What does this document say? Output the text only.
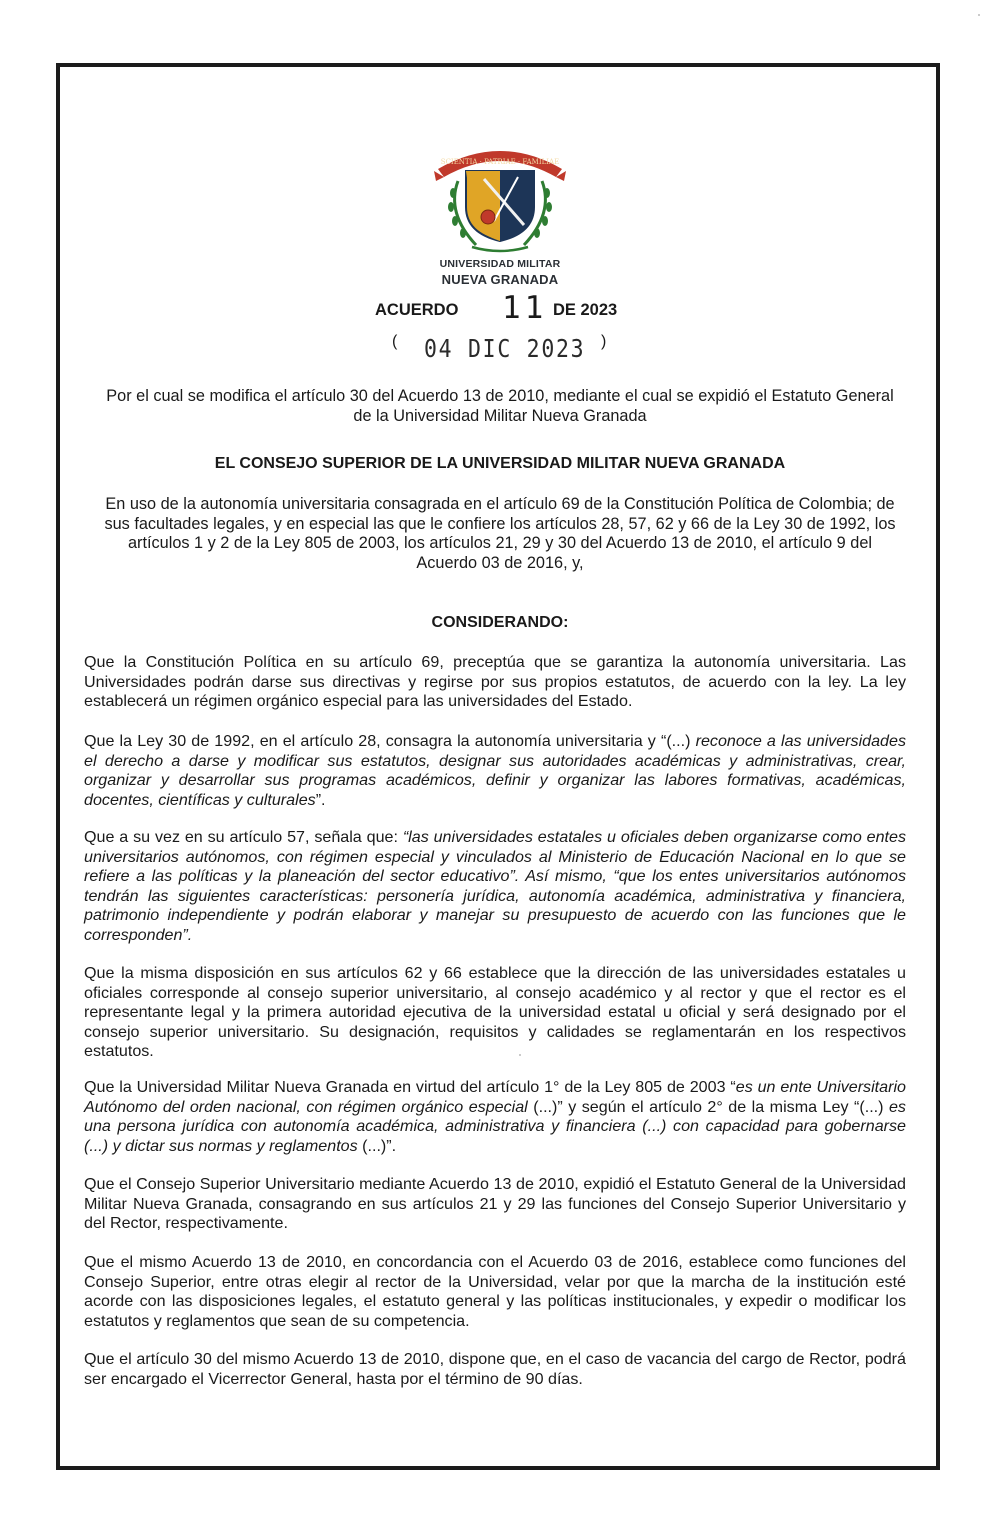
SCIENTIA · PATRIAE · FAMILIAE
UNIVERSIDAD MILITAR
NUEVA GRANADA
ACUERDO 11 DE 2023
( 04 DIC 2023 )

Por el cual se modifica el artículo 30 del Acuerdo 13 de 2010, mediante el cual se expidió el Estatuto General de la Universidad Militar Nueva Granada

EL CONSEJO SUPERIOR DE LA UNIVERSIDAD MILITAR NUEVA GRANADA

En uso de la autonomía universitaria consagrada en el artículo 69 de la Constitución Política de Colombia; de sus facultades legales, y en especial las que le confiere los artículos 28, 57, 62 y 66 de la Ley 30 de 1992, los artículos 1 y 2 de la Ley 805 de 2003, los artículos 21, 29 y 30 del Acuerdo 13 de 2010, el artículo 9 del Acuerdo 03 de 2016, y,

CONSIDERANDO:

Que la Constitución Política en su artículo 69, preceptúa que se garantiza la autonomía universitaria. Las Universidades podrán darse sus directivas y regirse por sus propios estatutos, de acuerdo con la ley. La ley establecerá un régimen orgánico especial para las universidades del Estado.

Que la Ley 30 de 1992, en el artículo 28, consagra la autonomía universitaria y “(...) reconoce a las universidades el derecho a darse y modificar sus estatutos, designar sus autoridades académicas y administrativas, crear, organizar y desarrollar sus programas académicos, definir y organizar las labores formativas, académicas, docentes, científicas y culturales”.

Que a su vez en su artículo 57, señala que: “las universidades estatales u oficiales deben organizarse como entes universitarios autónomos, con régimen especial y vinculados al Ministerio de Educación Nacional en lo que se refiere a las políticas y la planeación del sector educativo”. Así mismo, “que los entes universitarios autónomos tendrán las siguientes características: personería jurídica, autonomía académica, administrativa y financiera, patrimonio independiente y podrán elaborar y manejar su presupuesto de acuerdo con las funciones que le corresponden”.

Que la misma disposición en sus artículos 62 y 66 establece que la dirección de las universidades estatales u oficiales corresponde al consejo superior universitario, al consejo académico y al rector y que el rector es el representante legal y la primera autoridad ejecutiva de la universidad estatal u oficial y será designado por el consejo superior universitario. Su designación, requisitos y calidades se reglamentarán en los respectivos estatutos.

Que la Universidad Militar Nueva Granada en virtud del artículo 1° de la Ley 805 de 2003 “es un ente Universitario Autónomo del orden nacional, con régimen orgánico especial (...)” y según el artículo 2° de la misma Ley “(...) es una persona jurídica con autonomía académica, administrativa y financiera (...) con capacidad para gobernarse (...) y dictar sus normas y reglamentos (...)”.

Que el Consejo Superior Universitario mediante Acuerdo 13 de 2010, expidió el Estatuto General de la Universidad Militar Nueva Granada, consagrando en sus artículos 21 y 29 las funciones del Consejo Superior Universitario y del Rector, respectivamente.

Que el mismo Acuerdo 13 de 2010, en concordancia con el Acuerdo 03 de 2016, establece como funciones del Consejo Superior, entre otras elegir al rector de la Universidad, velar por que la marcha de la institución esté acorde con las disposiciones legales, el estatuto general y las políticas institucionales, y expedir o modificar los estatutos y reglamentos que sean de su competencia.

Que el artículo 30 del mismo Acuerdo 13 de 2010, dispone que, en el caso de vacancia del cargo de Rector, podrá ser encargado el Vicerrector General, hasta por el término de 90 días.
